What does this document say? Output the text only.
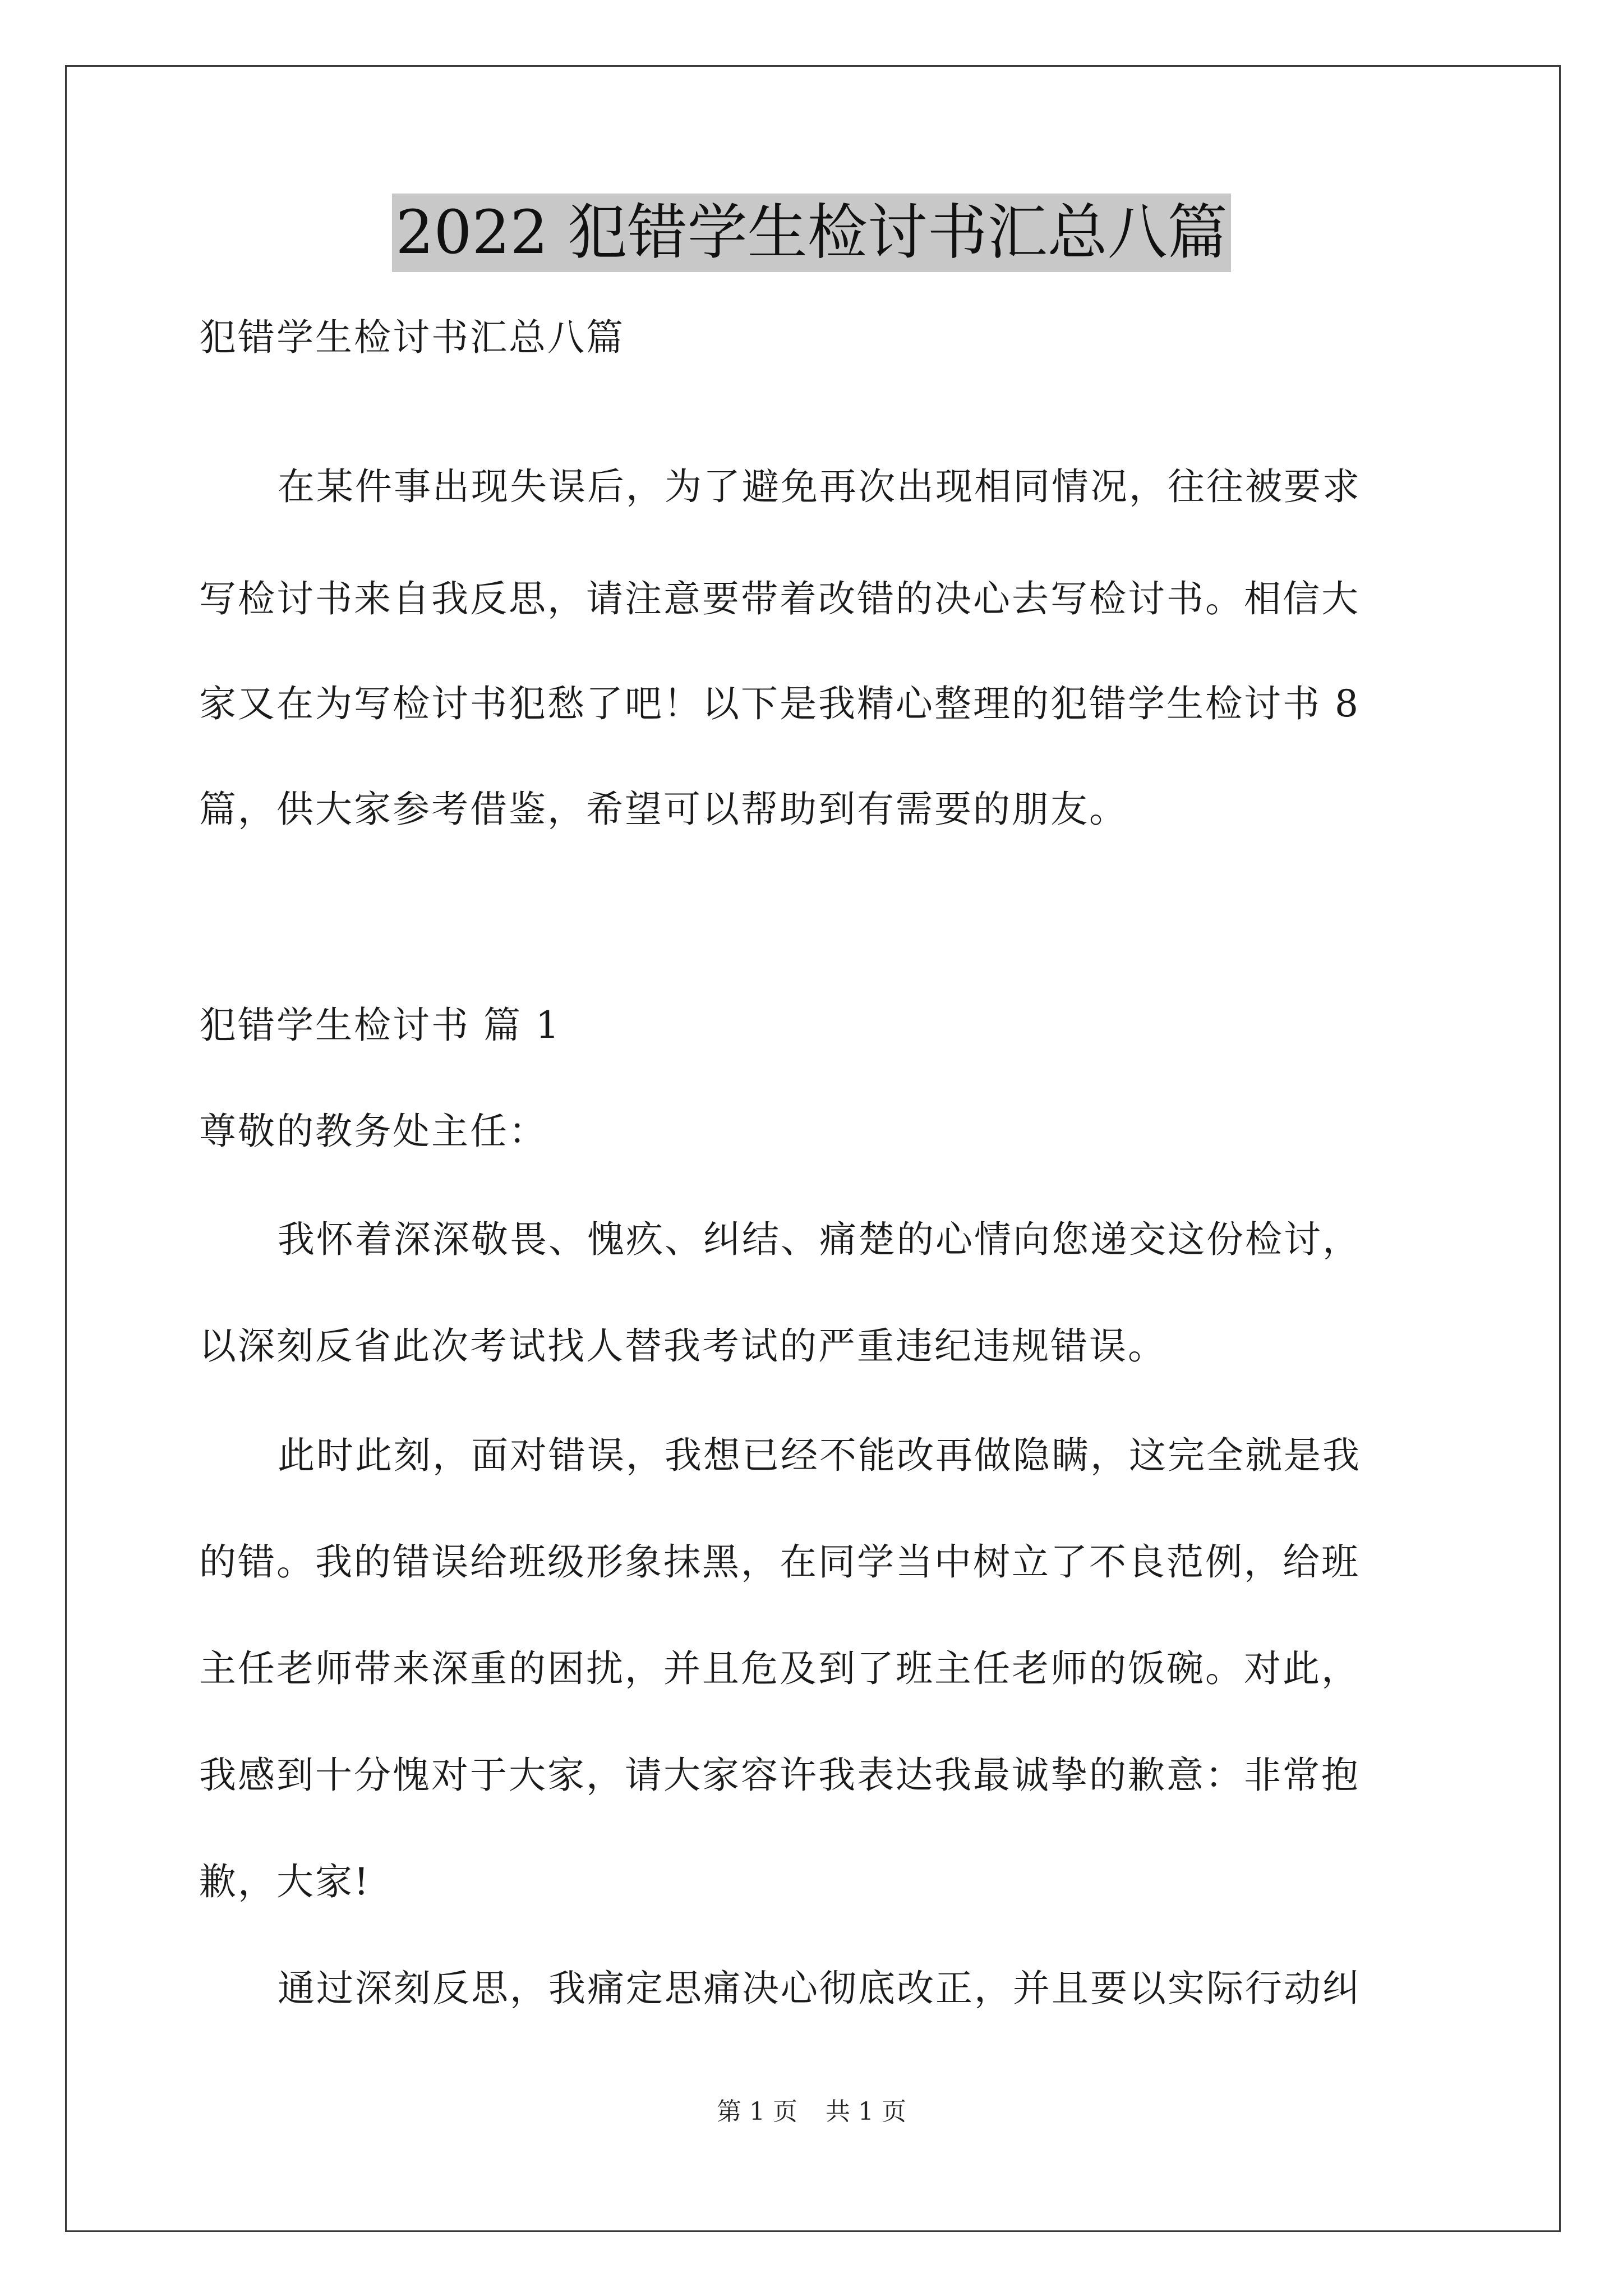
2022 犯错学生检讨书汇总八篇

犯错学生检讨书汇总八篇

在某件事出现失误后，为了避免再次出现相同情况，往往被要求

写检讨书来自我反思，请注意要带着改错的决心去写检讨书。相信大

家又在为写检讨书犯愁了吧！以下是我精心整理的犯错学生检讨书 8

篇，供大家参考借鉴，希望可以帮助到有需要的朋友。

犯错学生检讨书 篇 1

尊敬的教务处主任：

我怀着深深敬畏、愧疚、纠结、痛楚的心情向您递交这份检讨，

以深刻反省此次考试找人替我考试的严重违纪违规错误。

此时此刻，面对错误，我想已经不能改再做隐瞒，这完全就是我

的错。我的错误给班级形象抹黑，在同学当中树立了不良范例，给班

主任老师带来深重的困扰，并且危及到了班主任老师的饭碗。对此，

我感到十分愧对于大家，请大家容许我表达我最诚挚的歉意：非常抱

歉，大家!

通过深刻反思，我痛定思痛决心彻底改正，并且要以实际行动纠

第 1 页 共 1 页
